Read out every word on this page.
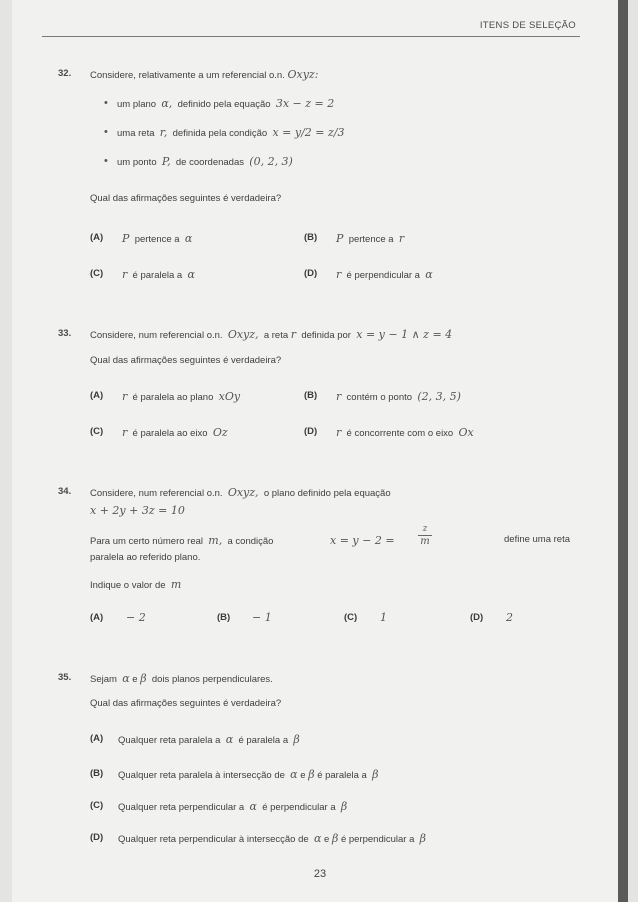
ITENS DE SELEÇÃO
32. Considere, relativamente a um referencial o.n. Oxyz:
• um plano α, definido pela equação 3x − z = 2
• uma reta r, definida pela condição x = y/2 = z/3
• um ponto P, de coordenadas (0, 2, 3)
Qual das afirmações seguintes é verdadeira?
(A) P pertence a α	(B) P pertence a r
(C) r é paralela a α	(D) r é perpendicular a α
33. Considere, num referencial o.n. Oxyz, a reta r definida por x = y − 1 ∧ z = 4
Qual das afirmações seguintes é verdadeira?
(A) r é paralela ao plano xOy	(B) r contém o ponto (2, 3, 5)
(C) r é paralela ao eixo Oz	(D) r é concorrente com o eixo Ox
34. Considere, num referencial o.n. Oxyz, o plano definido pela equação
x + 2y + 3z = 10
Para um certo número real m, a condição	x = y − 2 =
z
m	define uma reta
paralela ao referido plano.
Indique o valor de m
(A) − 2	(B) − 1	(C) 1	(D) 2
35. Sejam α e β dois planos perpendiculares.
Qual das afirmações seguintes é verdadeira?
(A) Qualquer reta paralela a α é paralela a β
(B) Qualquer reta paralela à intersecção de α e β é paralela a β
(C) Qualquer reta perpendicular a α é perpendicular a β
(D) Qualquer reta perpendicular à intersecção de α e β é perpendicular a β
23
